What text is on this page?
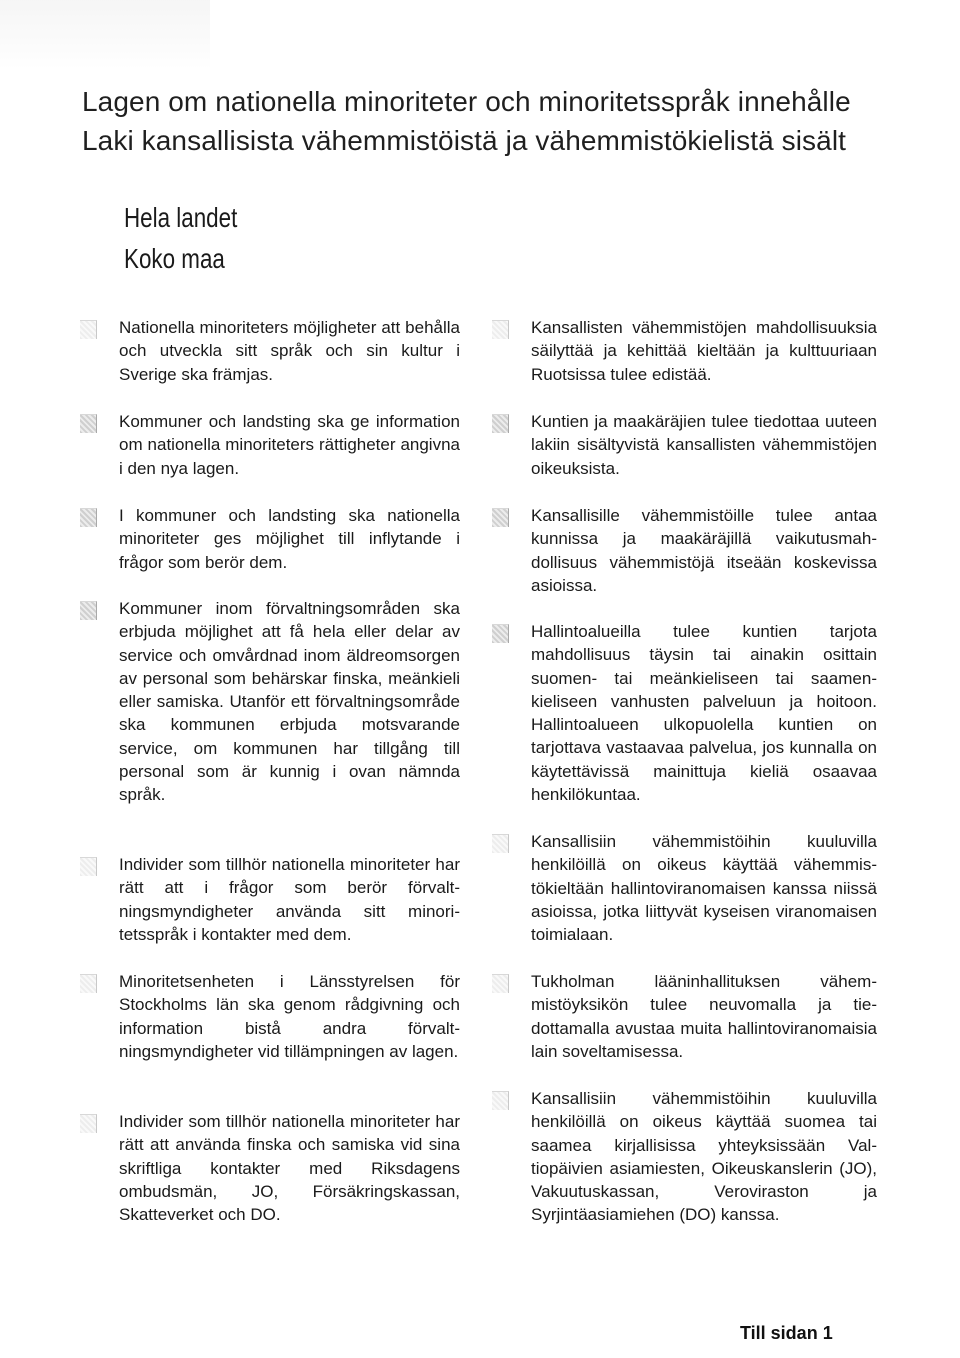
Lagen om nationella minoriteter och minoritetsspråk innehålle
Laki kansallisista vähemmistöistä ja vähemmistökielistä sisält
Hela landet
Koko maa
Nationella minoriteters möjligheter att behålla och utveckla sitt språk och sin kultur i Sverige ska främjas.
Kommuner och landsting ska ge information om nationella minoriteters rättigheter angivna i den nya lagen.
I kommuner och landsting ska nationella minoriteter ges möjlighet till inflytande i frågor som berör dem.
Kommuner inom förvaltningsområden ska erbjuda möjlighet att få hela eller delar av service och omvårdnad inom äldreomsorgen av personal som behärskar finska, meänkieli eller samiska. Utanför ett förvaltningsområde ska kommunen erbjuda motsvarande service, om kommunen har tillgång till personal som är kunnig i ovan nämnda språk.
Individer som tillhör nationella minoriteter har rätt att i frågor som berör förvaltningsmyndigheter använda sitt minoritetsspråk i kontakter med dem.
Minoritetsenheten i Länsstyrelsen för Stockholms län ska genom rådgivning och information bistå andra förvaltningsmyndigheter vid tillämpningen av lagen.
Individer som tillhör nationella minoriteter har rätt att använda finska och samiska vid sina skriftliga kontakter med Riksdagens ombudsmän, JO, Försäkringskassan, Skatteverket och DO.
Kansallisten vähemmistöjen mahdollisuuksia säilyttää ja kehittää kieltään ja kulttuuriaan Ruotsissa tulee edistää.
Kuntien ja maakäräjien tulee tiedottaa uuteen lakiin sisältyvistä kansallisten vähemmistöjen oikeuksista.
Kansallisille vähemmistöille tulee antaa kunnissa ja maakäräjillä vaikutusmahdollisuus vähemmistöjä itseään koskevissa asioissa.
Hallintoalueilla tulee kuntien tarjota mahdollisuus täysin tai ainakin osittain suomen- tai meänkieliseen tai saamenkieliseen vanhusten palveluun ja hoitoon. Hallintoalueen ulkopuolella kuntien on tarjottava vastaavaa palvelua, jos kunnalla on käytettävissä mainittuja kieliä osaavaa henkilökuntaa.
Kansallisiin vähemmistöihin kuuluvilla henkilöillä on oikeus käyttää vähemmistökieltään hallintoviranomaisen kanssa niissä asioissa, jotka liittyvät kyseisen viranomaisen toimialaan.
Tukholman lääninhallituksen vähemmistöyksikön tulee neuvomalla ja tiedottamalla avustaa muita hallintoviranomaisia lain soveltamisessa.
Kansallisiin vähemmistöihin kuuluvilla henkilöillä on oikeus käyttää suomea tai saamea kirjallisissa yhteyksissään Valtiopäivien asiamiesten, Oikeuskanslerin (JO), Vakuutuskassan, Veroviraston ja Syrjintäasiamiehen (DO) kanssa.
Till sidan 1
